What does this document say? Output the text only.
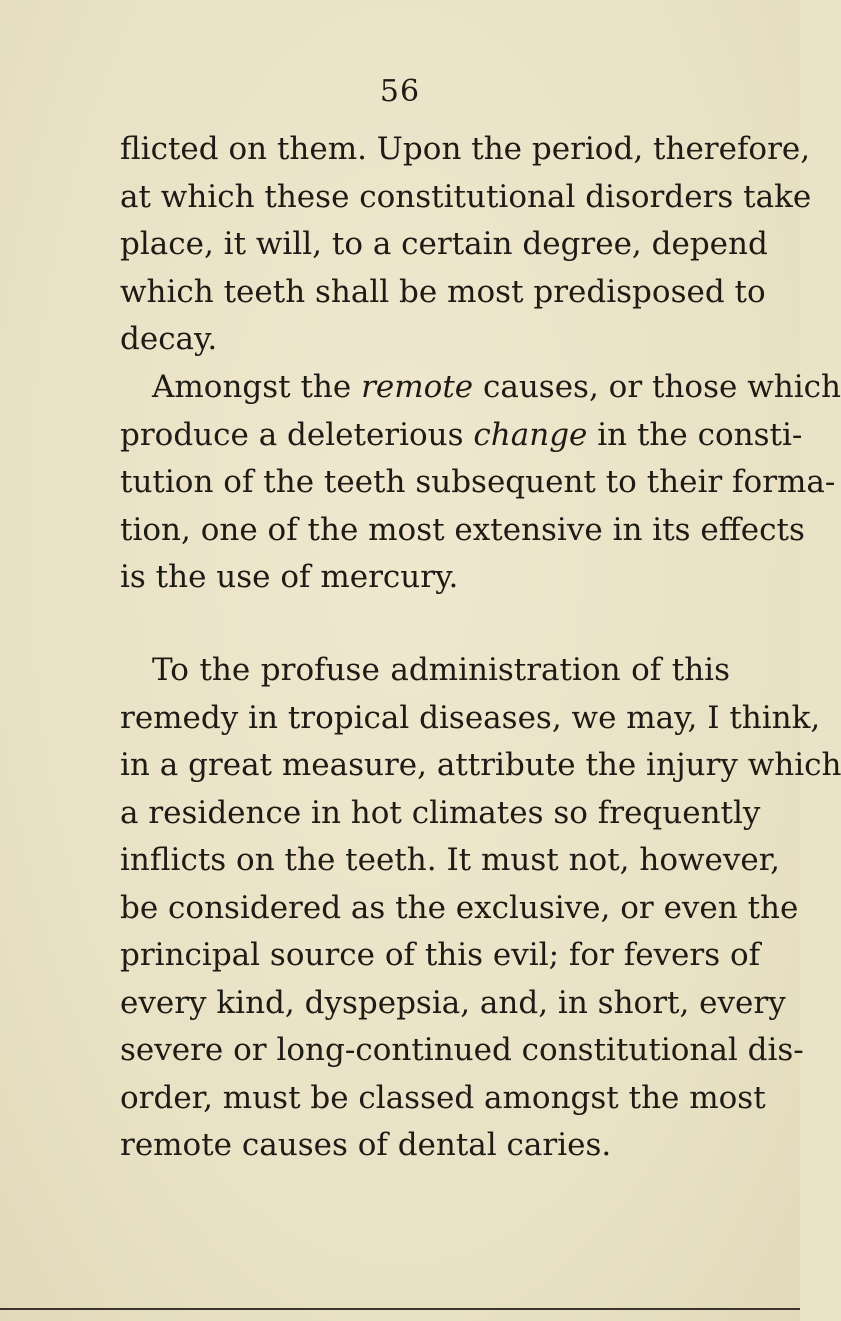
56
flicted on them. Upon the period, therefore,
at which these constitutional disorders take
place, it will, to a certain degree, depend
which teeth shall be most predisposed to
decay.
Amongst the remote causes, or those which
produce a deleterious change in the consti-
tution of the teeth subsequent to their forma-
tion, one of the most extensive in its effects
is the use of mercury.
To the profuse administration of this
remedy in tropical diseases, we may, I think,
in a great measure, attribute the injury which
a residence in hot climates so frequently
inflicts on the teeth. It must not, however,
be considered as the exclusive, or even the
principal source of this evil; for fevers of
every kind, dyspepsia, and, in short, every
severe or long-continued constitutional dis-
order, must be classed amongst the most
remote causes of dental caries.
